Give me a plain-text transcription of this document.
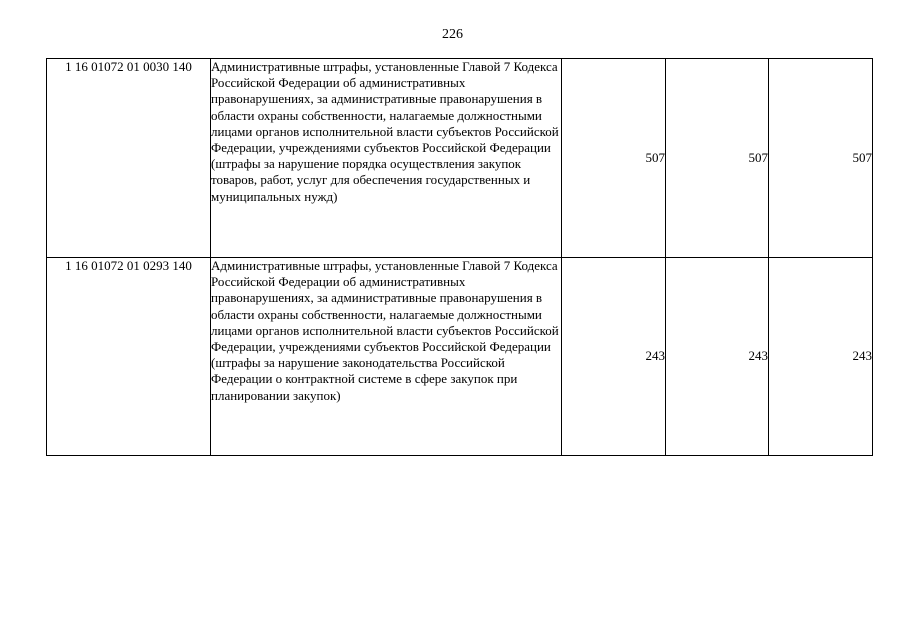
226
1 16 01072 01 0030 140	Административные штрафы, установленные Главой 7 Кодекса Российской Федерации об административных правонарушениях, за административные правонарушения в области охраны собственности, налагаемые должностными лицами органов исполнительной власти субъектов Российской Федерации, учреждениями субъектов Российской Федерации (штрафы за нарушение порядка осуществления закупок товаров, работ, услуг для обеспечения государственных и муниципальных нужд)	507	507	507
1 16 01072 01 0293 140	Административные штрафы, установленные Главой 7 Кодекса Российской Федерации об административных правонарушениях, за административные правонарушения в области охраны собственности, налагаемые должностными лицами органов исполнительной власти субъектов Российской Федерации, учреждениями субъектов Российской Федерации (штрафы за нарушение законодательства Российской Федерации о контрактной системе в сфере закупок при планировании закупок)	243	243	243
